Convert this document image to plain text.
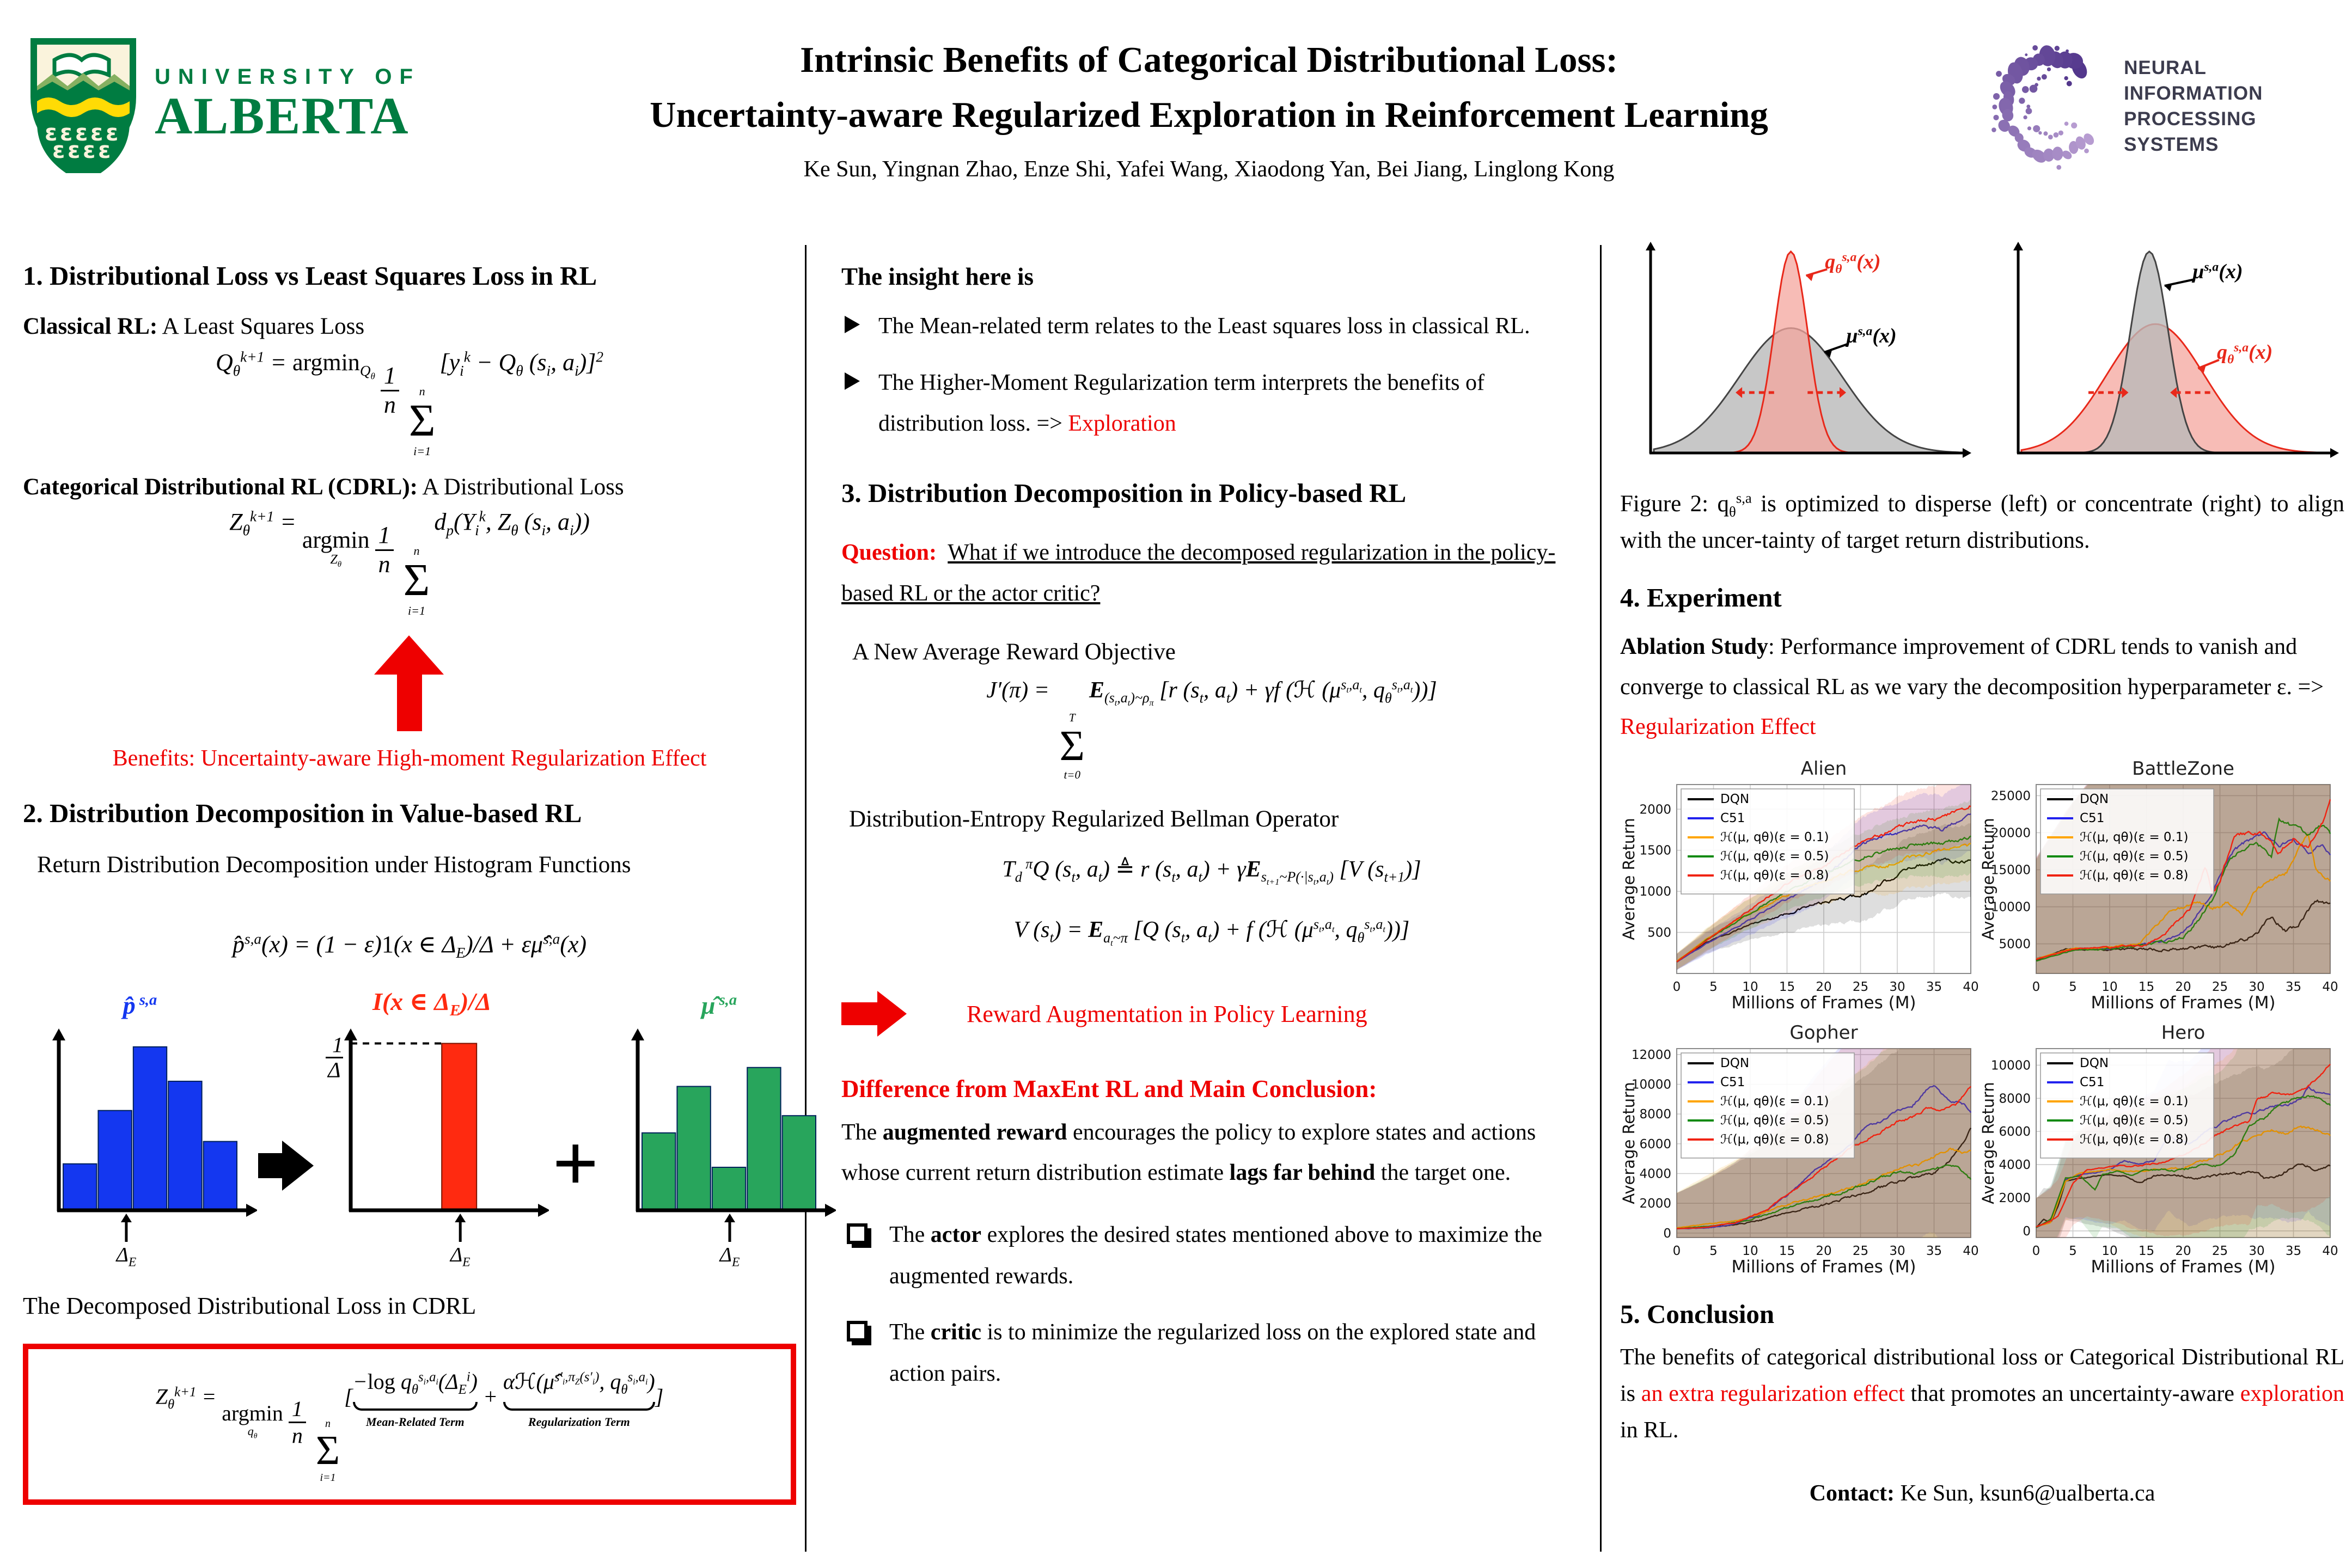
ɛ ɛ ɛ ɛ ɛ
ɛ ɛ ɛ ɛ
UNIVERSITY OF
ALBERTA
Intrinsic Benefits of Categorical Distributional Loss:
Uncertainty-aware Regularized Exploration in Reinforcement Learning
Ke Sun, Yingnan Zhao, Enze Shi, Yafei Wang, Xiaodong Yan, Bei Jiang, Linglong Kong
NEURAL INFORMATION
PROCESSING SYSTEMS
1. Distributional Loss vs Least Squares Loss in RL
Classical RL: A Least Squares Loss
$Q_\theta^{k+1} = argmin_{Q_\theta} \frac{1}{n}$ n
Σ
i=1
[$y_i^k - Q_\theta$ ($s_i$, $a_i)]^2$
Categorical Distributional RL (CDRL): A Distributional Loss
$Z_\theta^{k+1}$ =
argmin
$Z_\theta \frac{1}{n}$ n
Σ
i=1
$d_p(Y_i^k$, $Z_\theta$ ($s_i$, $a_i$))
Benefits: Uncertainty-aware High-moment Regularization Effect
2. Distribution Decomposition in Value-based RL
Return Distribution Decomposition under Histogram Functions
p̂$^{s,a}$(x) = (1 − ε)1(x ∈ $\Delta_E)/\Delta$ + εμ̂$^{s,a}$(x)
p̂ $^{s,a}$
$\Delta_E$
I(x ∈ $\Delta_E)/\Delta$
1
Δ
$\Delta_E$
+
μ̂ $^{s,a}$
$\Delta_E$
The Decomposed Distributional Loss in CDRL
$Z_\theta^{k+1}$ =
argmin
$q_\theta \frac{1}{n}$ n
Σ
i=1
[
−log $q_\theta^{s_i,a_i}(\Delta_E^i)$
Mean-Related Term
+
αℋ(μ̂$^{s'_i,\pi_Z(s'_i)}$, $q_\theta^{s_i,a_i}$)
Regularization Term
]
The insight here is
The Mean-related term relates to the Least squares loss in classical RL.
The Higher-Moment Regularization term interprets the benefits of distribution loss. => Exploration
3. Distribution Decomposition in Policy-based RL
Question: What if we introduce the decomposed regularization in the policy-based RL or the actor critic?
A New Average Reward Objective
J′(π) =
T
Σ
t=0
$E_{(s_t,a_t)\sim\rho_\pi}$ [r ($s_t$, $a_t) + \gamma f$ (ℋ ($\mu^{s_t,a_t}$, $q_\theta^{s_t,a_t}$))]
Distribution-Entropy Regularized Bellman Operator
$T_d$ $^\pi$Q ($s_t$, $a_t$) ≜ r ($s_t$, $a_t) + \gamma E_{s_{t+1}\sim P(\cdot|s_t,a_t)}$ [V $(s_{t+1})$]
V $(s_t) = E_{a_t\sim\pi}$ [Q ($s_t$, $a_t) + f$ (ℋ ($\mu^{s_t,a_t}$, $q_\theta^{s_t,a_t}$))]
Reward Augmentation in Policy Learning
Difference from MaxEnt RL and Main Conclusion:
The augmented reward encourages the policy to explore states and actions whose current return distribution estimate lags far behind the target one.
The actor explores the desired states mentioned above to maximize the augmented rewards.
The critic is to minimize the regularized loss on the explored state and action pairs.
$q_\theta^{s,a}(x)$
$\mu^{s,a}(x)$
$\mu^{s,a}(x)$
$q_\theta^{s,a}(x)$
Figure 2: $q_\theta^{s,a}$ is optimized to disperse (left) or concentrate (right) to align with the uncer‑tainty of target return distributions.
4. Experiment
Ablation Study: Performance improvement of CDRL tends to vanish and converge to classical RL as we vary the decomposition hyperparameter ε. => Regularization Effect
0 5 10 15 20 25 30 35 40
500
1000
1500
2000
Millions of Frames (M)
Average Return
Alien
DQN
C51
ℋ(μ, qθ)(ε = 0.1)
ℋ(μ, qθ)(ε = 0.5)
ℋ(μ, qθ)(ε = 0.8)
0 5 10 15 20 25 30 35 40
5000
10000
15000
20000
25000
Millions of Frames (M)
Average Return
BattleZone
DQN
C51
ℋ(μ, qθ)(ε = 0.1)
ℋ(μ, qθ)(ε = 0.5)
ℋ(μ, qθ)(ε = 0.8)
0 5 10 15 20 25 30 35 40
0
2000
4000
6000
8000
10000
12000
Millions of Frames (M)
Average Return
Gopher
DQN
C51
ℋ(μ, qθ)(ε = 0.1)
ℋ(μ, qθ)(ε = 0.5)
ℋ(μ, qθ)(ε = 0.8)
0 5 10 15 20 25 30 35 40
0
2000
4000
6000
8000
10000
Millions of Frames (M)
Average Return
Hero
DQN
C51
ℋ(μ, qθ)(ε = 0.1)
ℋ(μ, qθ)(ε = 0.5)
ℋ(μ, qθ)(ε = 0.8)
5. Conclusion
The benefits of categorical distributional loss or Categorical Distributional RL is an extra regularization effect that promotes an uncertainty‑aware exploration in RL.
Contact: Ke Sun, ksun6@ualberta.ca
